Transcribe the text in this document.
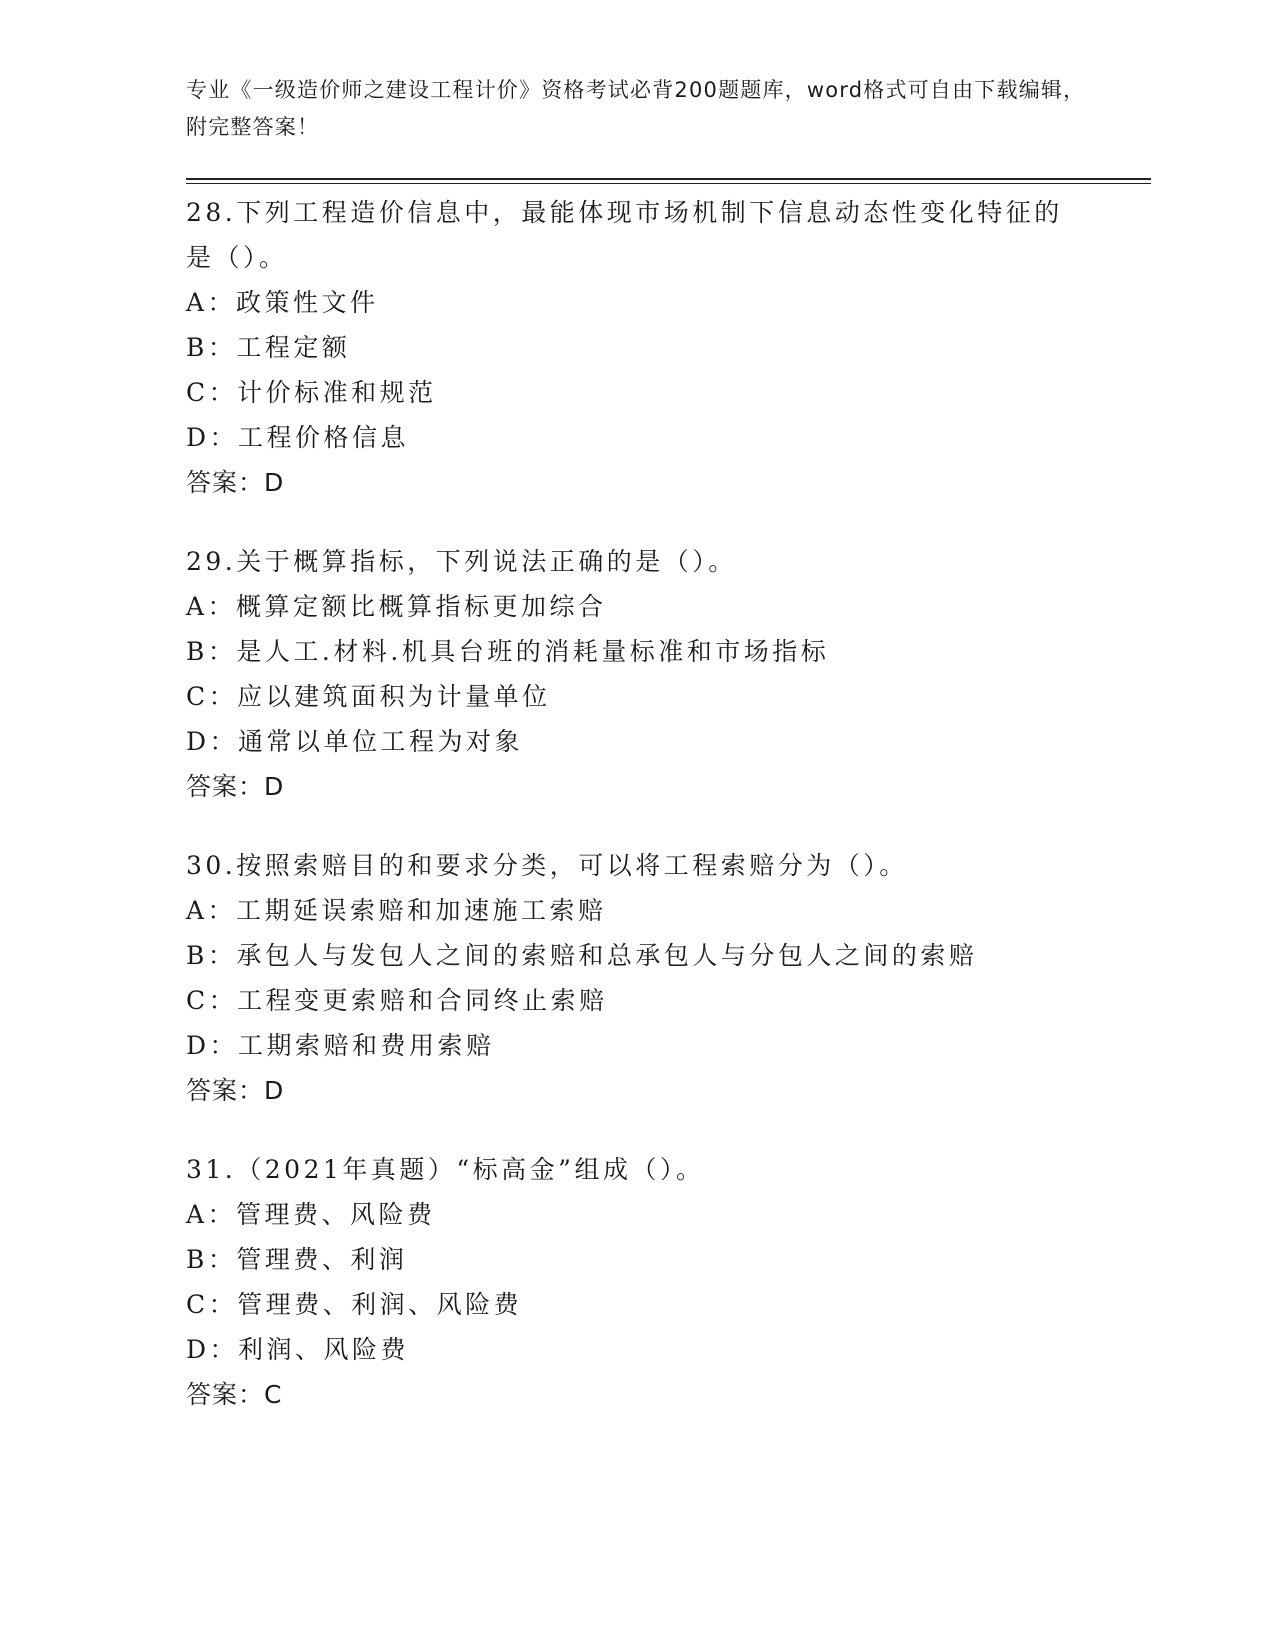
专业《一级造价师之建设工程计价》资格考试必背200题题库，word格式可自由下载编辑，附完整答案！
28.下列工程造价信息中，最能体现市场机制下信息动态性变化特征的是（）。
A：政策性文件
B：工程定额
C：计价标准和规范
D：工程价格信息
答案：D
29.关于概算指标，下列说法正确的是（）。
A：概算定额比概算指标更加综合
B：是人工.材料.机具台班的消耗量标准和市场指标
C：应以建筑面积为计量单位
D：通常以单位工程为对象
答案：D
30.按照索赔目的和要求分类，可以将工程索赔分为（）。
A：工期延误索赔和加速施工索赔
B：承包人与发包人之间的索赔和总承包人与分包人之间的索赔
C：工程变更索赔和合同终止索赔
D：工期索赔和费用索赔
答案：D
31.（2021年真题）“标高金”组成（）。
A：管理费、风险费
B：管理费、利润
C：管理费、利润、风险费
D：利润、风险费
答案：C
